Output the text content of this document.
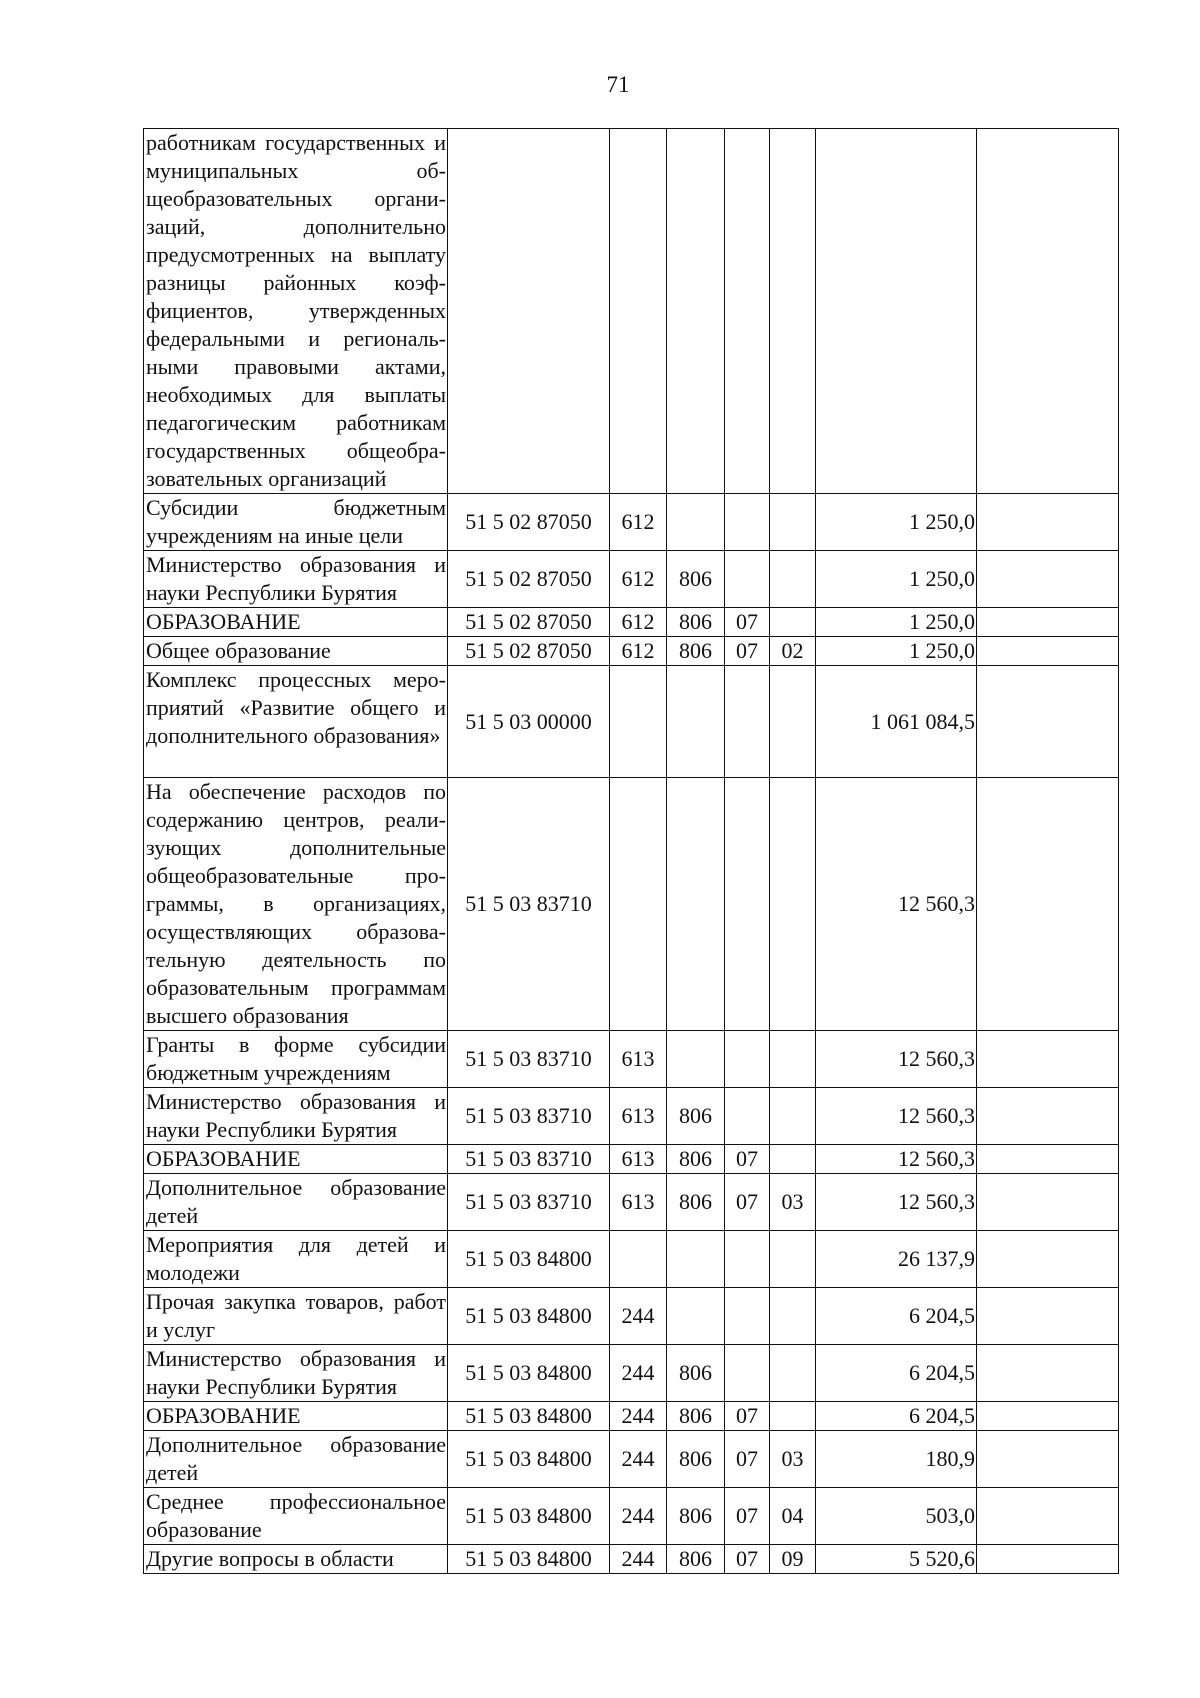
71
работникам государственных и муниципальных общеобразовательных организаций, дополнительно предусмотренных на выплату разницы районных коэффициентов, утвержденных федеральными и региональными правовыми актами, необходимых для выплаты педагогическим работникам государственных общеобразовательных организаций							
Субсидии бюджетным учреждениям на иные цели	51 5 02 87050	612				1 250,0	
Министерство образования и науки Республики Бурятия	51 5 02 87050	612	806			1 250,0	
ОБРАЗОВАНИЕ	51 5 02 87050	612	806	07		1 250,0	
Общее образование	51 5 02 87050	612	806	07	02	1 250,0	
Комплекс процессных мероприятий «Развитие общего и дополнительного образования»	51 5 03 00000					1 061 084,5	
На обеспечение расходов по содержанию центров, реализующих дополнительные общеобразовательные программы, в организациях, осуществляющих образовательную деятельность по образовательным программам высшего образования	51 5 03 83710					12 560,3	
Гранты в форме субсидии бюджетным учреждениям	51 5 03 83710	613				12 560,3	
Министерство образования и науки Республики Бурятия	51 5 03 83710	613	806			12 560,3	
ОБРАЗОВАНИЕ	51 5 03 83710	613	806	07		12 560,3	
Дополнительное образование детей	51 5 03 83710	613	806	07	03	12 560,3	
Мероприятия для детей и молодежи	51 5 03 84800					26 137,9	
Прочая закупка товаров, работ и услуг	51 5 03 84800	244				6 204,5	
Министерство образования и науки Республики Бурятия	51 5 03 84800	244	806			6 204,5	
ОБРАЗОВАНИЕ	51 5 03 84800	244	806	07		6 204,5	
Дополнительное образование детей	51 5 03 84800	244	806	07	03	180,9	
Среднее профессиональное образование	51 5 03 84800	244	806	07	04	503,0	
Другие вопросы в области	51 5 03 84800	244	806	07	09	5 520,6	
